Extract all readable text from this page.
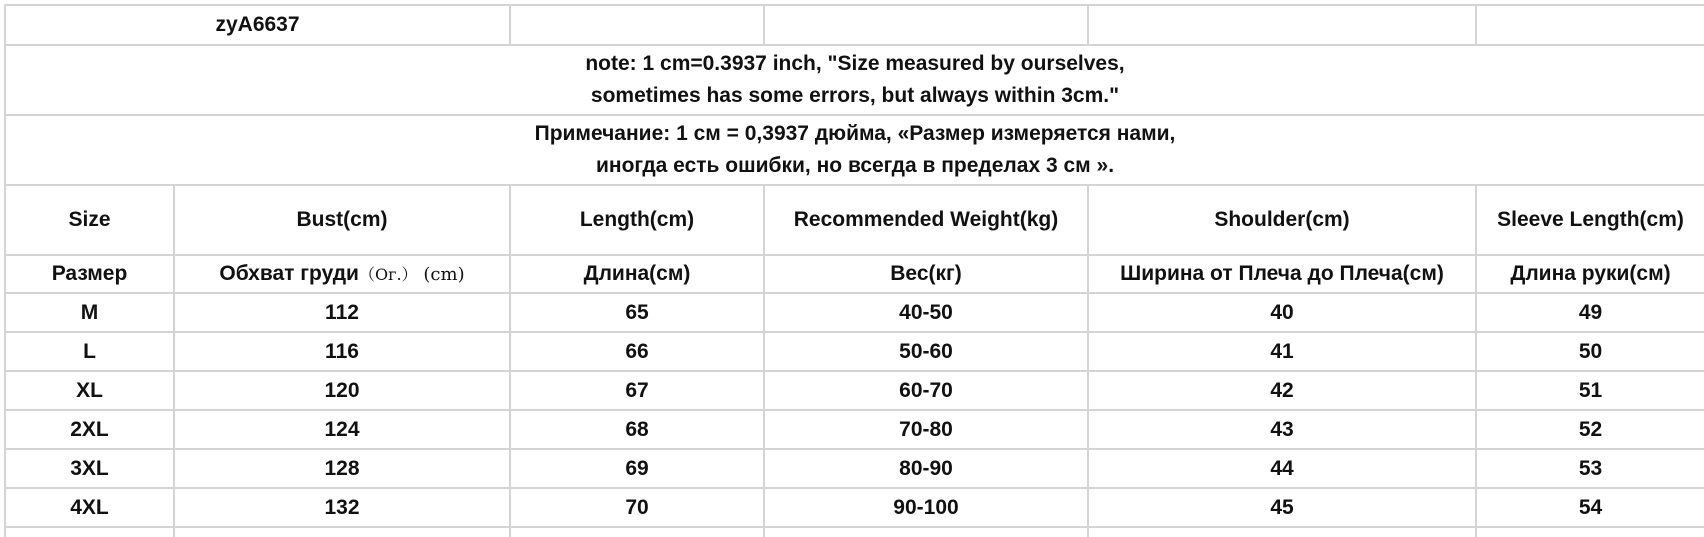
zyA6637					

note: 1 cm=0.3937 inch, "Size measured by ourselves,
sometimes has some errors, but always within 3cm."					

Примечание: 1 см = 0,3937 дюйма, «Размер измеряется нами,
иногда есть ошибки, но всегда в пределах 3 см ».					

Size	Bust(cm)	Length(cm)	Recommended Weight(kg)	Shoulder(cm)	Sleeve Length(cm)
Размер	Обхват груди（Ог.） (cm)	Длина(см)	Вес(кг)	Ширина от Плеча до Плеча(см)	Длина руки(см)
M	112	65	40-50	40	49
L	116	66	50-60	41	50
XL	120	67	60-70	42	51
2XL	124	68	70-80	43	52
3XL	128	69	80-90	44	53
4XL	132	70	90-100	45	54
